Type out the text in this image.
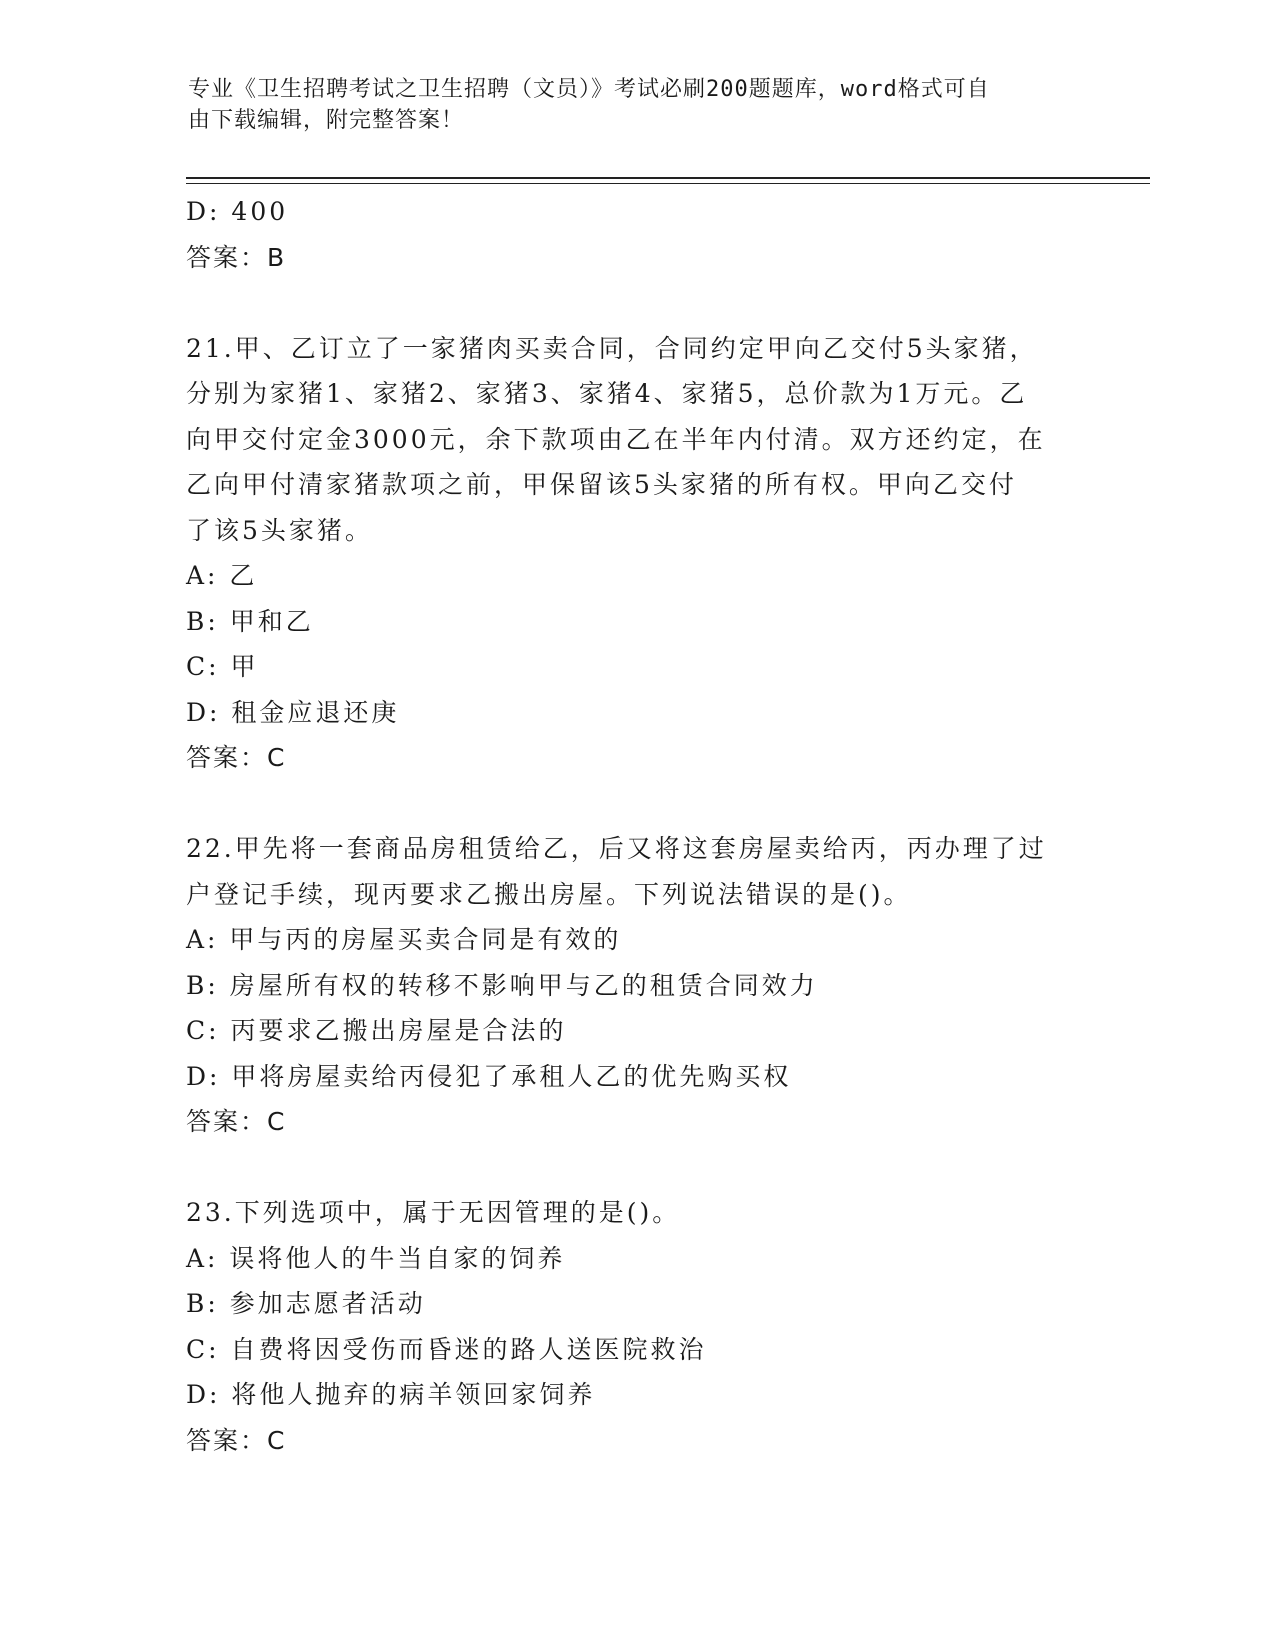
专业《卫生招聘考试之卫生招聘（文员）》考试必刷200题题库，word格式可自
由下载编辑，附完整答案！
D: 400
答案：B
21.甲、乙订立了一家猪肉买卖合同，合同约定甲向乙交付5头家猪，
分别为家猪1、家猪2、家猪3、家猪4、家猪5，总价款为1万元。乙
向甲交付定金3000元，余下款项由乙在半年内付清。双方还约定，在
乙向甲付清家猪款项之前，甲保留该5头家猪的所有权。甲向乙交付
了该5头家猪。
A: 乙
B: 甲和乙
C: 甲
D: 租金应退还庚
答案：C
22.甲先将一套商品房租赁给乙，后又将这套房屋卖给丙，丙办理了过
户登记手续，现丙要求乙搬出房屋。下列说法错误的是()。
A: 甲与丙的房屋买卖合同是有效的
B: 房屋所有权的转移不影响甲与乙的租赁合同效力
C: 丙要求乙搬出房屋是合法的
D: 甲将房屋卖给丙侵犯了承租人乙的优先购买权
答案：C
23.下列选项中，属于无因管理的是()。
A: 误将他人的牛当自家的饲养
B: 参加志愿者活动
C: 自费将因受伤而昏迷的路人送医院救治
D: 将他人抛弃的病羊领回家饲养
答案：C
